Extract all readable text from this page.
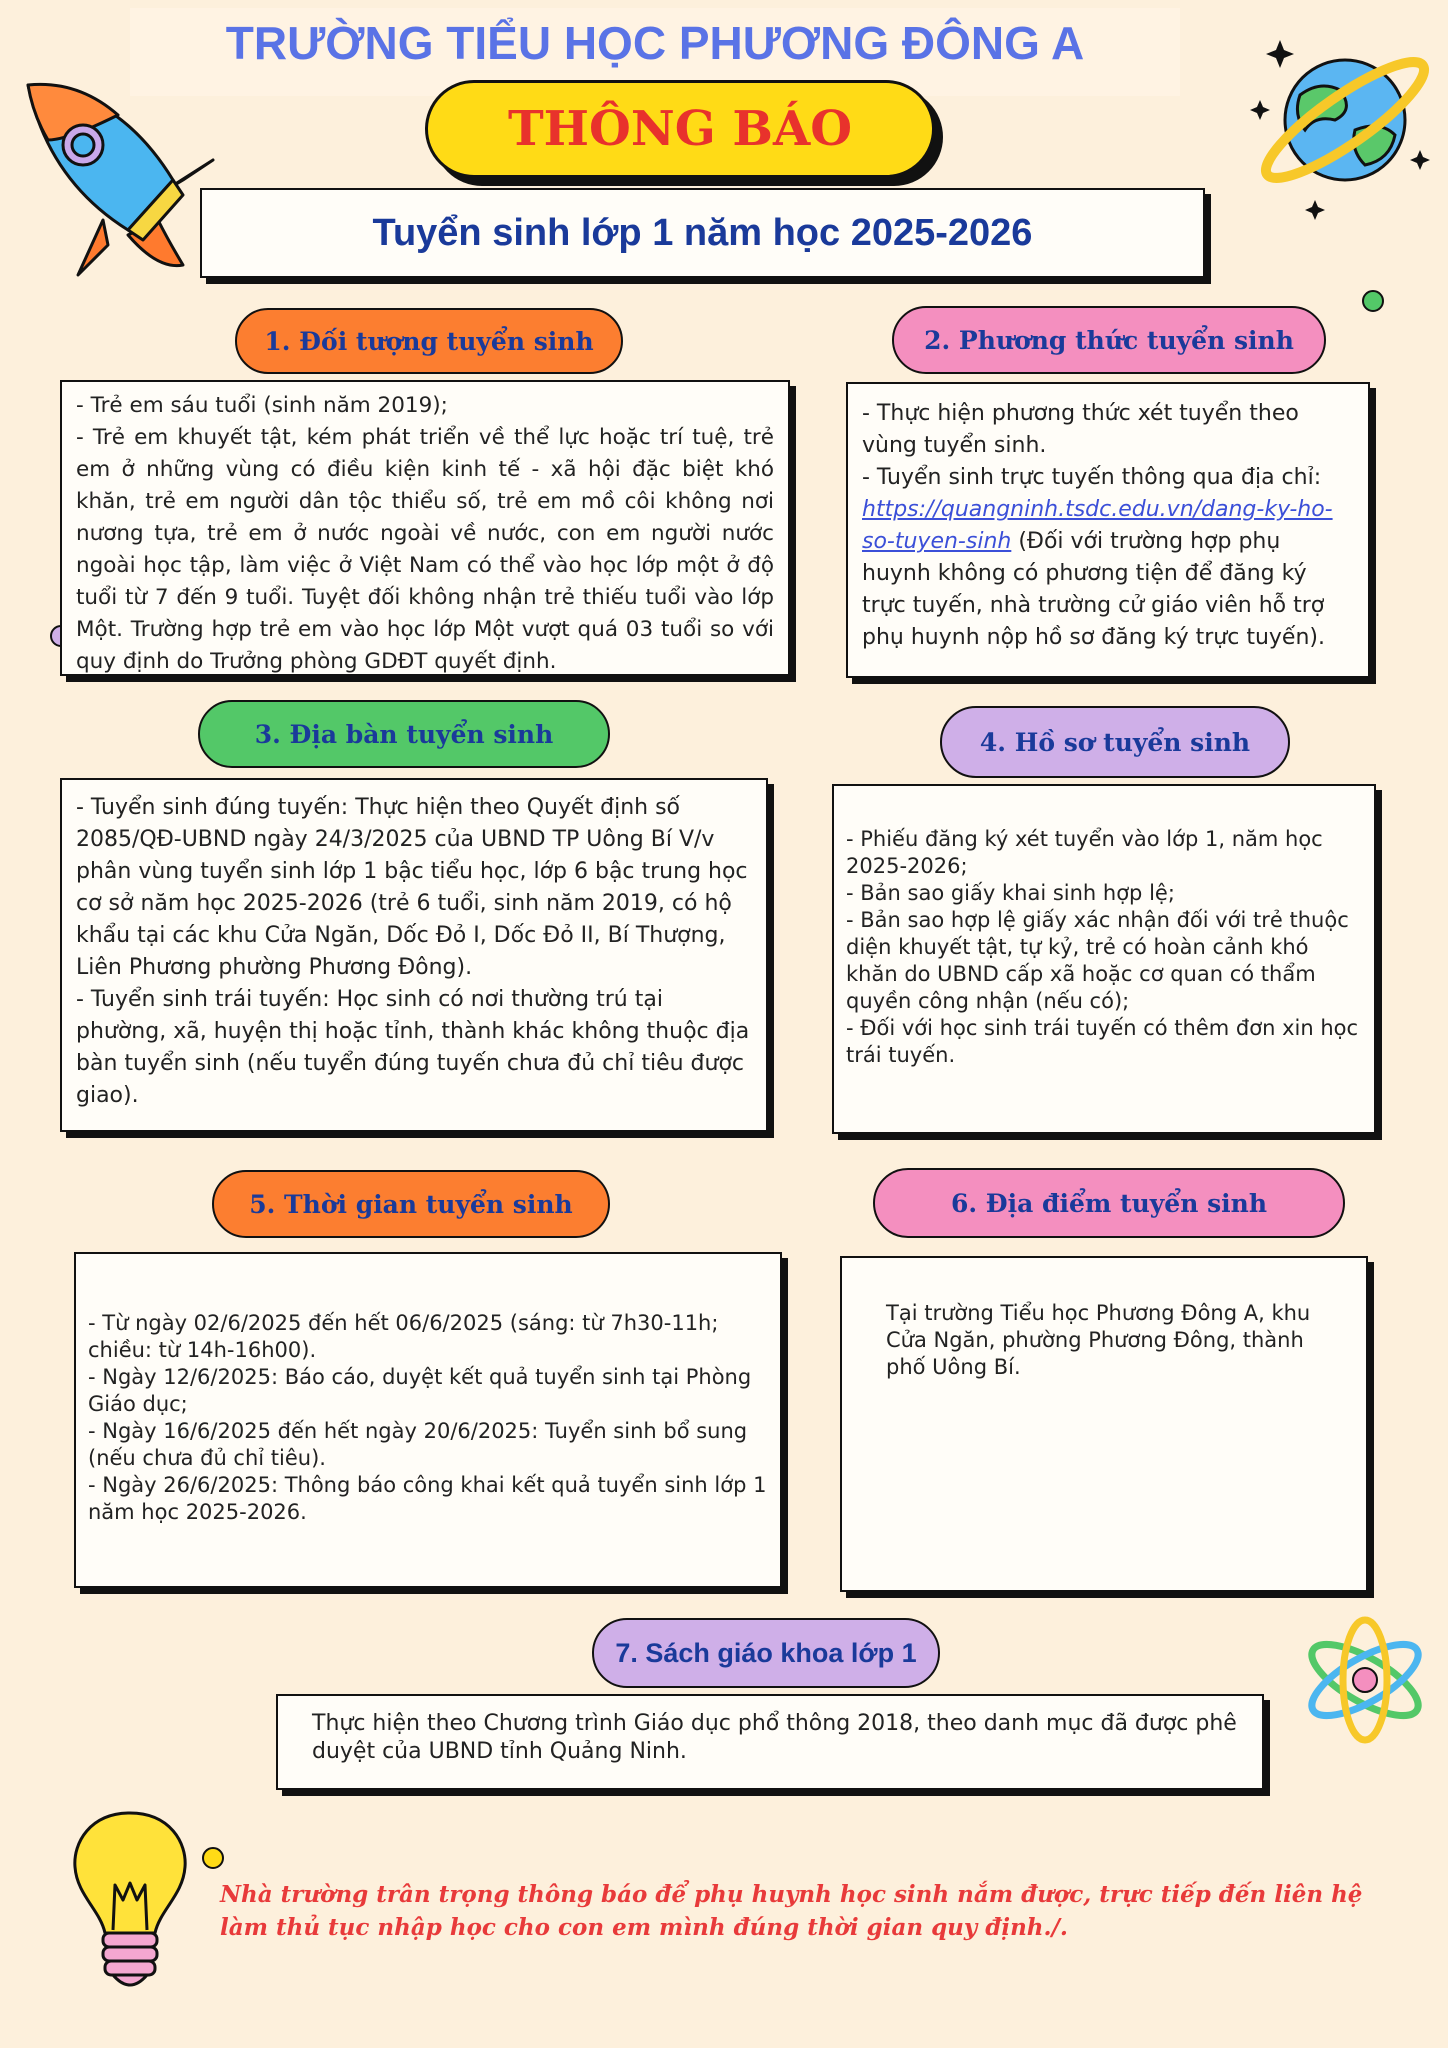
TRƯỜNG TIỂU HỌC PHƯƠNG ĐÔNG A
THÔNG BÁO
Tuyển sinh lớp 1 năm học 2025-2026
1. Đối tượng tuyển sinh

- Trẻ em sáu tuổi (sinh năm 2019);

- Trẻ em khuyết tật, kém phát triển về thể lực hoặc trí tuệ, trẻ em ở những vùng có điều kiện kinh tế - xã hội đặc biệt khó khăn, trẻ em người dân tộc thiểu số, trẻ em mồ côi không nơi nương tựa, trẻ em ở nước ngoài về nước, con em người nước ngoài học tập, làm việc ở Việt Nam có thể vào học lớp một ở độ tuổi từ 7 đến 9 tuổi. Tuyệt đối không nhận trẻ thiếu tuổi vào lớp Một. Trường hợp trẻ em vào học lớp Một vượt quá 03 tuổi so với quy định do Trưởng phòng GDĐT quyết định.

2. Phương thức tuyển sinh

- Thực hiện phương thức xét tuyển theo vùng tuyển sinh.

- Tuyển sinh trực tuyến thông qua địa chỉ: https://quangninh.tsdc.edu.vn/dang-ky-ho-so-tuyen-sinh (Đối với trường hợp phụ huynh không có phương tiện để đăng ký trực tuyến, nhà trường cử giáo viên hỗ trợ phụ huynh nộp hồ sơ đăng ký trực tuyến).

3. Địa bàn tuyển sinh

- Tuyển sinh đúng tuyến: Thực hiện theo Quyết định số 2085/QĐ-UBND ngày 24/3/2025 của UBND TP Uông Bí V/v phân vùng tuyển sinh lớp 1 bậc tiểu học, lớp 6 bậc trung học cơ sở năm học 2025-2026 (trẻ 6 tuổi, sinh năm 2019, có hộ khẩu tại các khu Cửa Ngăn, Dốc Đỏ I, Dốc Đỏ II, Bí Thượng, Liên Phương phường Phương Đông).

- Tuyển sinh trái tuyến: Học sinh có nơi thường trú tại phường, xã, huyện thị hoặc tỉnh, thành khác không thuộc địa bàn tuyển sinh (nếu tuyển đúng tuyến chưa đủ chỉ tiêu được giao).

4. Hồ sơ tuyển sinh

- Phiếu đăng ký xét tuyển vào lớp 1, năm học 2025-2026;

- Bản sao giấy khai sinh hợp lệ;

- Bản sao hợp lệ giấy xác nhận đối với trẻ thuộc diện khuyết tật, tự kỷ, trẻ có hoàn cảnh khó khăn do UBND cấp xã hoặc cơ quan có thẩm quyền công nhận (nếu có);

- Đối với học sinh trái tuyến có thêm đơn xin học trái tuyến.

5. Thời gian tuyển sinh

- Từ ngày 02/6/2025 đến hết 06/6/2025 (sáng: từ 7h30-11h; chiều: từ 14h-16h00).

- Ngày 12/6/2025: Báo cáo, duyệt kết quả tuyển sinh tại Phòng Giáo dục;

- Ngày 16/6/2025 đến hết ngày 20/6/2025: Tuyển sinh bổ sung (nếu chưa đủ chỉ tiêu).

- Ngày 26/6/2025: Thông báo công khai kết quả tuyển sinh lớp 1 năm học 2025-2026.

6. Địa điểm tuyển sinh

Tại trường Tiểu học Phương Đông A, khu Cửa Ngăn, phường Phương Đông, thành phố Uông Bí.

7. Sách giáo khoa lớp 1

Thực hiện theo Chương trình Giáo dục phổ thông 2018, theo danh mục đã được phê duyệt của UBND tỉnh Quảng Ninh.

Nhà trường trân trọng thông báo để phụ huynh học sinh nắm được, trực tiếp đến liên hệ làm thủ tục nhập học cho con em mình đúng thời gian quy định./.
